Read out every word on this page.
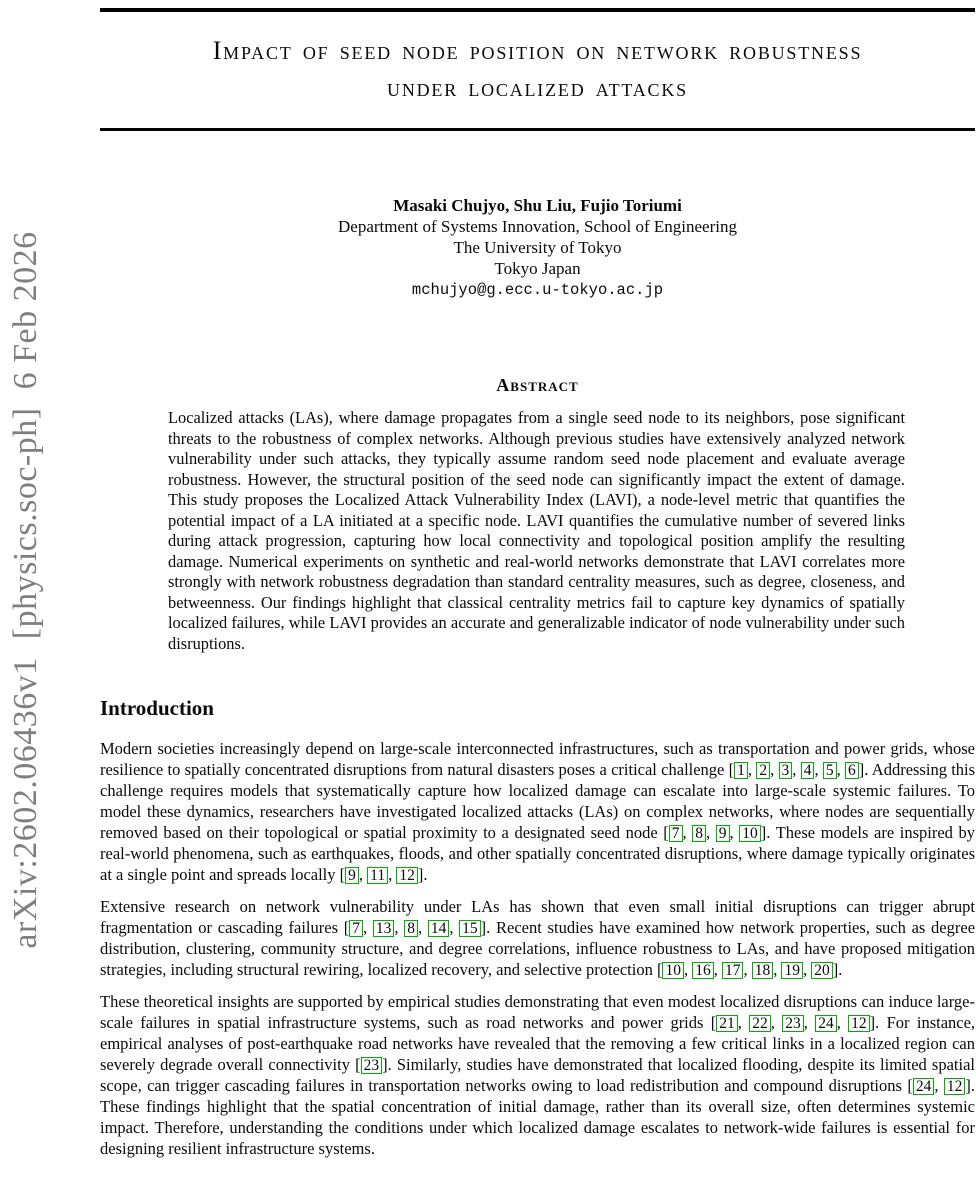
arXiv:2602.06436v1  [physics.soc-ph]  6 Feb 2026
Impact of seed node position on network robustness
under localized attacks
Masaki Chujyo, Shu Liu, Fujio Toriumi
Department of Systems Innovation, School of Engineering
The University of Tokyo
Tokyo Japan
mchujyo@g.ecc.u-tokyo.ac.jp
Abstract

Localized attacks (LAs), where damage propagates from a single seed node to its neighbors, pose significant threats to the robustness of complex networks. Although previous studies have extensively analyzed network vulnerability under such attacks, they typically assume random seed node placement and evaluate average robustness. However, the structural position of the seed node can significantly impact the extent of damage. This study proposes the Localized Attack Vulnerability Index (LAVI), a node-level metric that quantifies the potential impact of a LA initiated at a specific node. LAVI quantifies the cumulative number of severed links during attack progression, capturing how local connectivity and topological position amplify the resulting damage. Numerical experiments on synthetic and real-world networks demonstrate that LAVI correlates more strongly with network robustness degradation than standard centrality measures, such as degree, closeness, and betweenness. Our findings highlight that classical centrality metrics fail to capture key dynamics of spatially localized failures, while LAVI provides an accurate and generalizable indicator of node vulnerability under such disruptions.

Introduction

Modern societies increasingly depend on large-scale interconnected infrastructures, such as transportation and power grids, whose resilience to spatially concentrated disruptions from natural disasters poses a critical challenge [ 1 , 2 , 3 , 4 , 5 , 6 ]. Addressing this challenge requires models that systematically capture how localized damage can escalate into large-scale systemic failures. To model these dynamics, researchers have investigated localized attacks (LAs) on complex networks, where nodes are sequentially removed based on their topological or spatial proximity to a designated seed node [ 7 , 8 , 9 , 10 ]. These models are inspired by real-world phenomena, such as earthquakes, floods, and other spatially concentrated disruptions, where damage typically originates at a single point and spreads locally [ 9 , 11 , 12 ].

Extensive research on network vulnerability under LAs has shown that even small initial disruptions can trigger abrupt fragmentation or cascading failures [ 7 , 13 , 8 , 14 , 15 ]. Recent studies have examined how network properties, such as degree distribution, clustering, community structure, and degree correlations, influence robustness to LAs, and have proposed mitigation strategies, including structural rewiring, localized recovery, and selective protection [ 10 , 16 , 17 , 18 , 19 , 20 ].

These theoretical insights are supported by empirical studies demonstrating that even modest localized disruptions can induce large-scale failures in spatial infrastructure systems, such as road networks and power grids [ 21 , 22 , 23 , 24 , 12 ]. For instance, empirical analyses of post-earthquake road networks have revealed that the removing a few critical links in a localized region can severely degrade overall connectivity [ 23 ]. Similarly, studies have demonstrated that localized flooding, despite its limited spatial scope, can trigger cascading failures in transportation networks owing to load redistribution and compound disruptions [ 24 , 12 ]. These findings highlight that the spatial concentration of initial damage, rather than its overall size, often determines systemic impact. Therefore, understanding the conditions under which localized damage escalates to network-wide failures is essential for designing resilient infrastructure systems.
